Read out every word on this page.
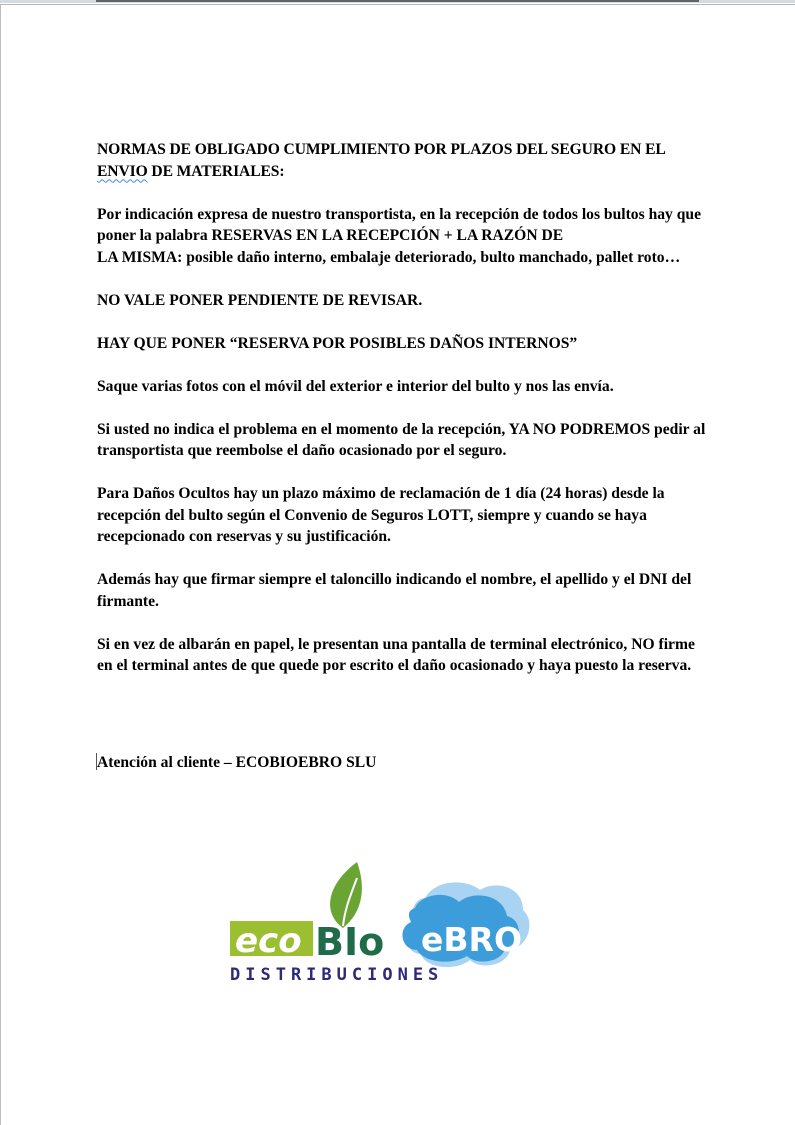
NORMAS DE OBLIGADO CUMPLIMIENTO POR PLAZOS DEL SEGURO EN EL
ENVIO DE MATERIALES:

Por indicación expresa de nuestro transportista, en la recepción de todos los bultos hay que poner la palabra RESERVAS EN LA RECEPCIÓN + LA RAZÓN DE
LA MISMA: posible daño interno, embalaje deteriorado, bulto manchado, pallet roto…

NO VALE PONER PENDIENTE DE REVISAR.

HAY QUE PONER “RESERVA POR POSIBLES DAÑOS INTERNOS”

Saque varias fotos con el móvil del exterior e interior del bulto y nos las envía.

Si usted no indica el problema en el momento de la recepción, YA NO PODREMOS pedir al transportista que reembolse el daño ocasionado por el seguro.

Para Daños Ocultos hay un plazo máximo de reclamación de 1 día (24 horas) desde la recepción del bulto según el Convenio de Seguros LOTT, siempre y cuando se haya recepcionado con reservas y su justificación.

Además hay que firmar siempre el taloncillo indicando el nombre, el apellido y el DNI del firmante.

Si en vez de albarán en papel, le presentan una pantalla de terminal electrónico, NO firme en el terminal antes de que quede por escrito el daño ocasionado y haya puesto la reserva.

Atención al cliente – ECOBIOEBRO SLU
eco BIo eBRO
DISTRIBUCIONES
